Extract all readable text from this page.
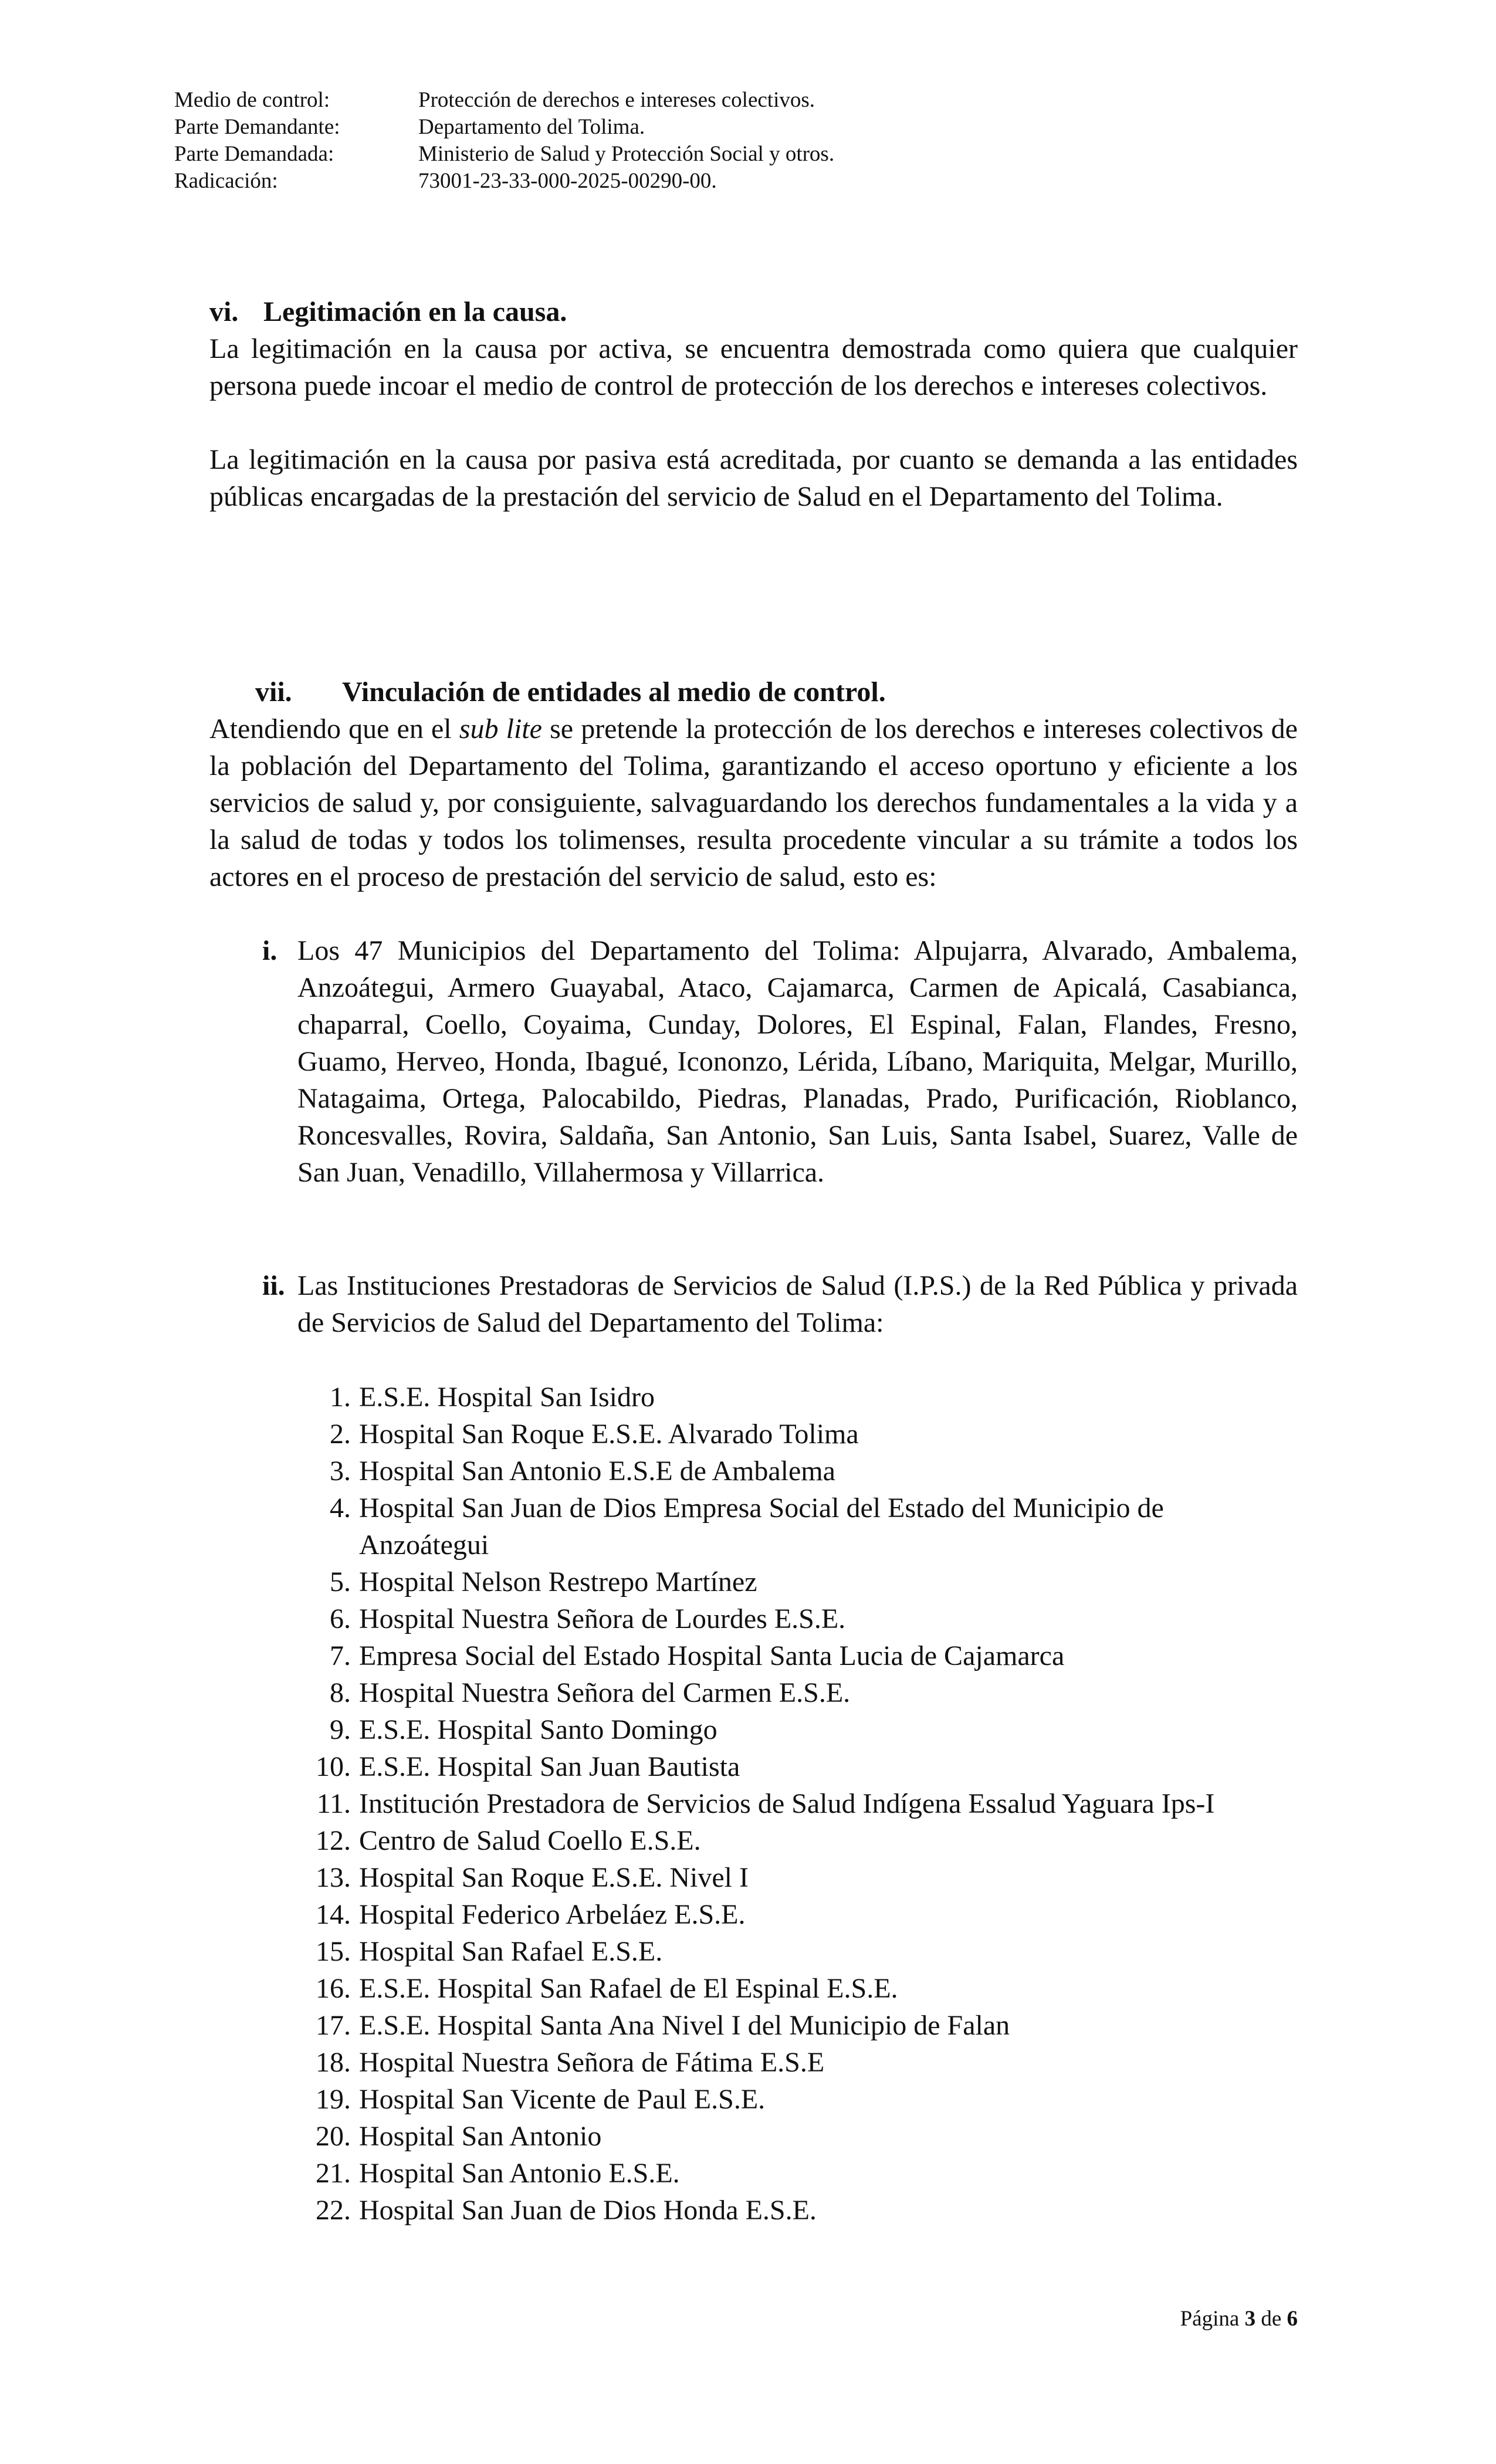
Medio de control:	Protección de derechos e intereses colectivos.
Parte Demandante:	Departamento del Tolima.
Parte Demandada:	Ministerio de Salud y Protección Social y otros.
Radicación:	73001-23-33-000-2025-00290-00.
vi. Legitimación en la causa.

La legitimación en la causa por activa, se encuentra demostrada como quiera que cualquier persona puede incoar el medio de control de protección de los derechos e intereses colectivos.

La legitimación en la causa por pasiva está acreditada, por cuanto se demanda a las entidades públicas encargadas de la prestación del servicio de Salud en el Departamento del Tolima.

vii.	Vinculación de entidades al medio de control.

Atendiendo que en el sub lite se pretende la protección de los derechos e intereses colectivos de la población del Departamento del Tolima, garantizando el acceso oportuno y eficiente a los servicios de salud y, por consiguiente, salvaguardando los derechos fundamentales a la vida y a la salud de todas y todos los tolimenses, resulta procedente vincular a su trámite a todos los actores en el proceso de prestación del servicio de salud, esto es:

i. Los 47 Municipios del Departamento del Tolima: Alpujarra, Alvarado, Ambalema, Anzoátegui, Armero Guayabal, Ataco, Cajamarca, Carmen de Apicalá, Casabianca, chaparral, Coello, Coyaima, Cunday, Dolores, El Espinal, Falan, Flandes, Fresno, Guamo, Herveo, Honda, Ibagué, Icononzo, Lérida, Líbano, Mariquita, Melgar, Murillo, Natagaima, Ortega, Palocabildo, Piedras, Planadas, Prado, Purificación, Rioblanco, Roncesvalles, Rovira, Saldaña, San Antonio, San Luis, Santa Isabel, Suarez, Valle de San Juan, Venadillo, Villahermosa y Villarrica.
ii. Las Instituciones Prestadoras de Servicios de Salud (I.P.S.) de la Red Pública y privada de Servicios de Salud del Departamento del Tolima:
1. E.S.E. Hospital San Isidro
2. Hospital San Roque E.S.E. Alvarado Tolima
3. Hospital San Antonio E.S.E de Ambalema
4. Hospital San Juan de Dios Empresa Social del Estado del Municipio de Anzoátegui
5. Hospital Nelson Restrepo Martínez
6. Hospital Nuestra Señora de Lourdes E.S.E.
7. Empresa Social del Estado Hospital Santa Lucia de Cajamarca
8. Hospital Nuestra Señora del Carmen E.S.E.
9. E.S.E. Hospital Santo Domingo
10. E.S.E. Hospital San Juan Bautista
11. Institución Prestadora de Servicios de Salud Indígena Essalud Yaguara Ips-I
12. Centro de Salud Coello E.S.E.
13. Hospital San Roque E.S.E. Nivel I
14. Hospital Federico Arbeláez E.S.E.
15. Hospital San Rafael E.S.E.
16. E.S.E. Hospital San Rafael de El Espinal E.S.E.
17. E.S.E. Hospital Santa Ana Nivel I del Municipio de Falan
18. Hospital Nuestra Señora de Fátima E.S.E
19. Hospital San Vicente de Paul E.S.E.
20. Hospital San Antonio
21. Hospital San Antonio E.S.E.
22. Hospital San Juan de Dios Honda E.S.E.
Página 3 de 6
